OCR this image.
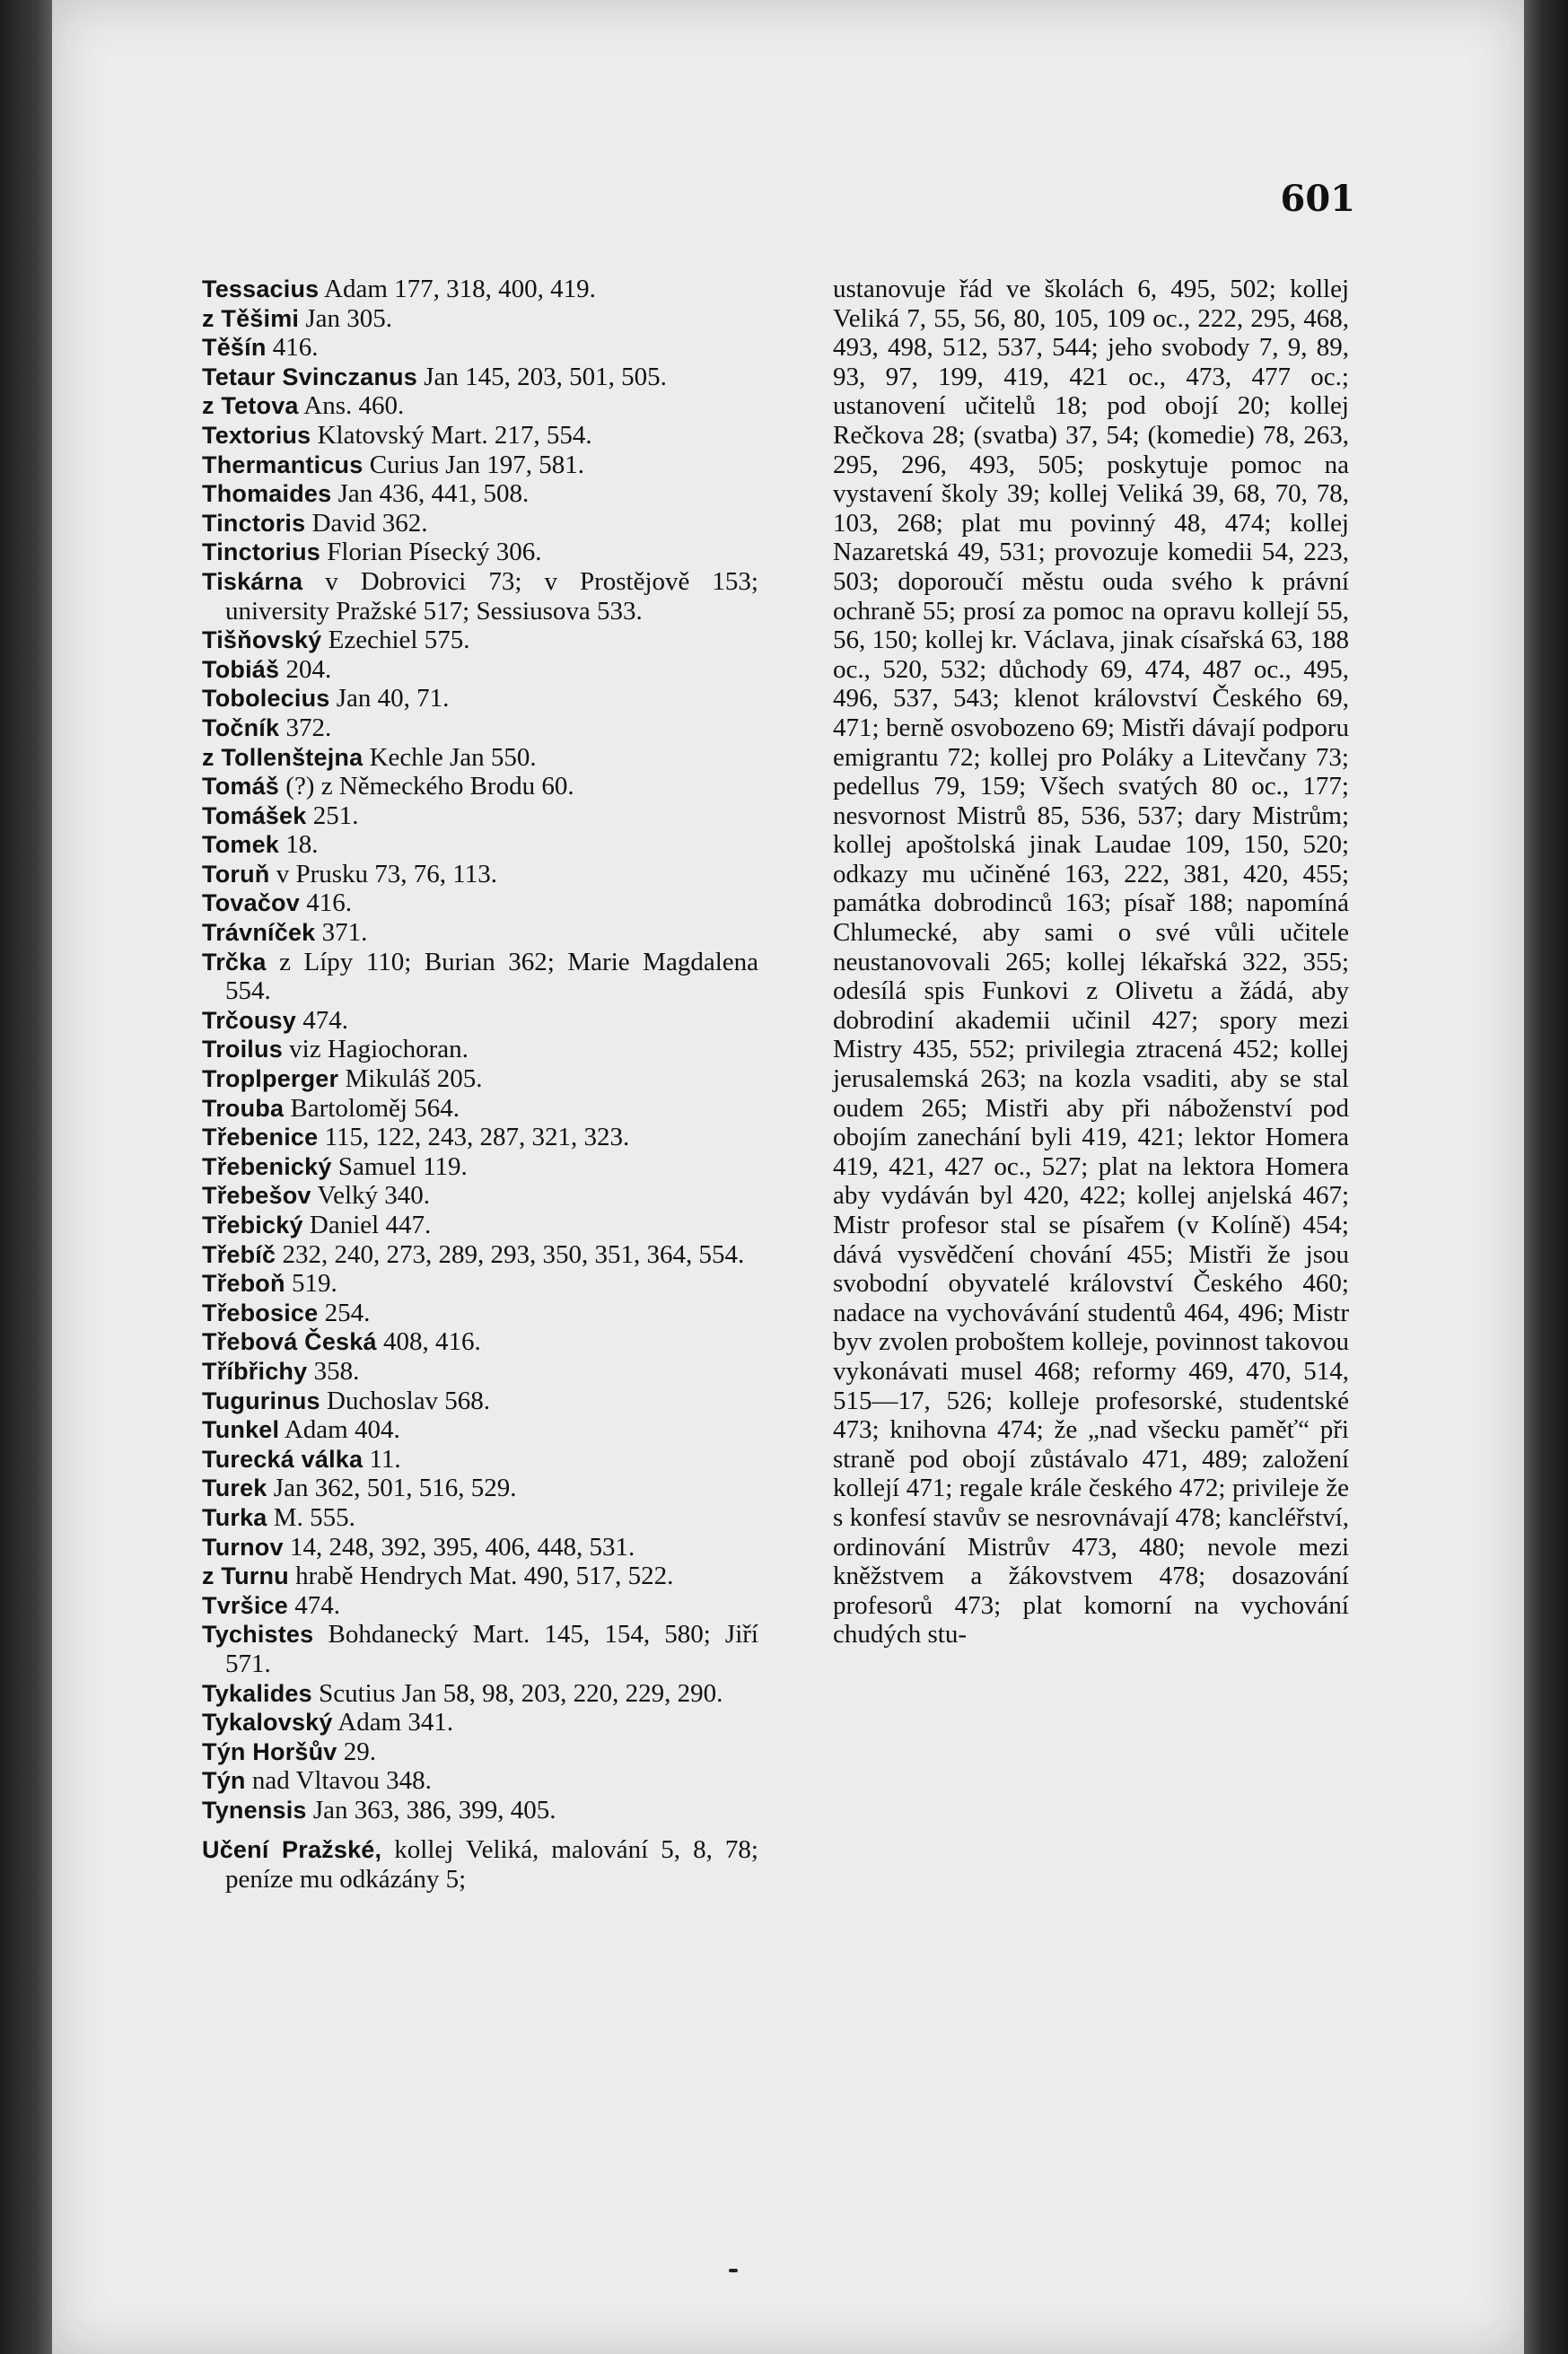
601

Tessacius Adam 177, 318, 400, 419.

z Těšimi Jan 305.

Těšín 416.

Tetaur Svinczanus Jan 145, 203, 501, 505.

z Tetova Ans. 460.

Textorius Klatovský Mart. 217, 554.

Thermanticus Curius Jan 197, 581.

Thomaides Jan 436, 441, 508.

Tinctoris David 362.

Tinctorius Florian Písecký 306.

Tiskárna v Dobrovici 73; v Prostějově 153; university Pražské 517; Sessiusova 533.

Tišňovský Ezechiel 575.

Tobiáš 204.

Tobolecius Jan 40, 71.

Točník 372.

z Tollenštejna Kechle Jan 550.

Tomáš (?) z Německého Brodu 60.

Tomášek 251.

Tomek 18.

Toruň v Prusku 73, 76, 113.

Tovačov 416.

Trávníček 371.

Trčka z Lípy 110; Burian 362; Marie Magdalena 554.

Trčousy 474.

Troilus viz Hagiochoran.

Troplperger Mikuláš 205.

Trouba Bartoloměj 564.

Třebenice 115, 122, 243, 287, 321, 323.

Třebenický Samuel 119.

Třebešov Velký 340.

Třebický Daniel 447.

Třebíč 232, 240, 273, 289, 293, 350, 351, 364, 554.

Třeboň 519.

Třebosice 254.

Třebová Česká 408, 416.

Tříbřichy 358.

Tugurinus Duchoslav 568.

Tunkel Adam 404.

Turecká válka 11.

Turek Jan 362, 501, 516, 529.

Turka M. 555.

Turnov 14, 248, 392, 395, 406, 448, 531.

z Turnu hrabě Hendrych Mat. 490, 517, 522.

Tvršice 474.

Tychistes Bohdanecký Mart. 145, 154, 580; Jiří 571.

Tykalides Scutius Jan 58, 98, 203, 220, 229, 290.

Tykalovský Adam 341.

Týn Horšův 29.

Týn nad Vltavou 348.

Tynensis Jan 363, 386, 399, 405.

Učení Pražské, kollej Veliká, malování 5, 8, 78; peníze mu odkázány 5;

ustanovuje řád ve školách 6, 495, 502; kollej Veliká 7, 55, 56, 80, 105, 109 oc., 222, 295, 468, 493, 498, 512, 537, 544; jeho svobody 7, 9, 89, 93, 97, 199, 419, 421 oc., 473, 477 oc.; ustanovení učitelů 18; pod obojí 20; kollej Rečkova 28; (svatba) 37, 54; (komedie) 78, 263, 295, 296, 493, 505; poskytuje pomoc na vystavení školy 39; kollej Veliká 39, 68, 70, 78, 103, 268; plat mu povinný 48, 474; kollej Nazaretská 49, 531; provozuje komedii 54, 223, 503; doporoučí městu ouda svého k právní ochraně 55; prosí za pomoc na opravu kollejí 55, 56, 150; kollej kr. Václava, jinak císařská 63, 188 oc., 520, 532; důchody 69, 474, 487 oc., 495, 496, 537, 543; klenot království Českého 69, 471; berně osvobozeno 69; Mistři dávají podporu emigrantu 72; kollej pro Poláky a Litevčany 73; pedellus 79, 159; Všech svatých 80 oc., 177; nesvornost Mistrů 85, 536, 537; dary Mistrům; kollej apoštolská jinak Laudae 109, 150, 520; odkazy mu učiněné 163, 222, 381, 420, 455; památka dobrodinců 163; písař 188; napomíná Chlumecké, aby sami o své vůli učitele neustanovovali 265; kollej lékařská 322, 355; odesílá spis Funkovi z Olivetu a žádá, aby dobrodiní akademii učinil 427; spory mezi Mistry 435, 552; privilegia ztracená 452; kollej jerusalemská 263; na kozla vsaditi, aby se stal oudem 265; Mistři aby při náboženství pod obojím zanechání byli 419, 421; lektor Homera 419, 421, 427 oc., 527; plat na lektora Homera aby vydáván byl 420, 422; kollej anjelská 467; Mistr profesor stal se písařem (v Kolíně) 454; dává vysvědčení chování 455; Mistři že jsou svobodní obyvatelé království Českého 460; nadace na vychovávání studentů 464, 496; Mistr byv zvolen proboštem kolleje, povinnost takovou vykonávati musel 468; reformy 469, 470, 514, 515—17, 526; kolleje profesorské, studentské 473; knihovna 474; že „nad všecku paměť“ při straně pod obojí zůstávalo 471, 489; založení kollejí 471; regale krále českého 472; privileje že s konfesí stavův se nesrovnávají 478; kancléřství, ordinování Mistrův 473, 480; nevole mezi kněžstvem a žákovstvem 478; dosazování profesorů 473; plat komorní na vychování chudých stu-
